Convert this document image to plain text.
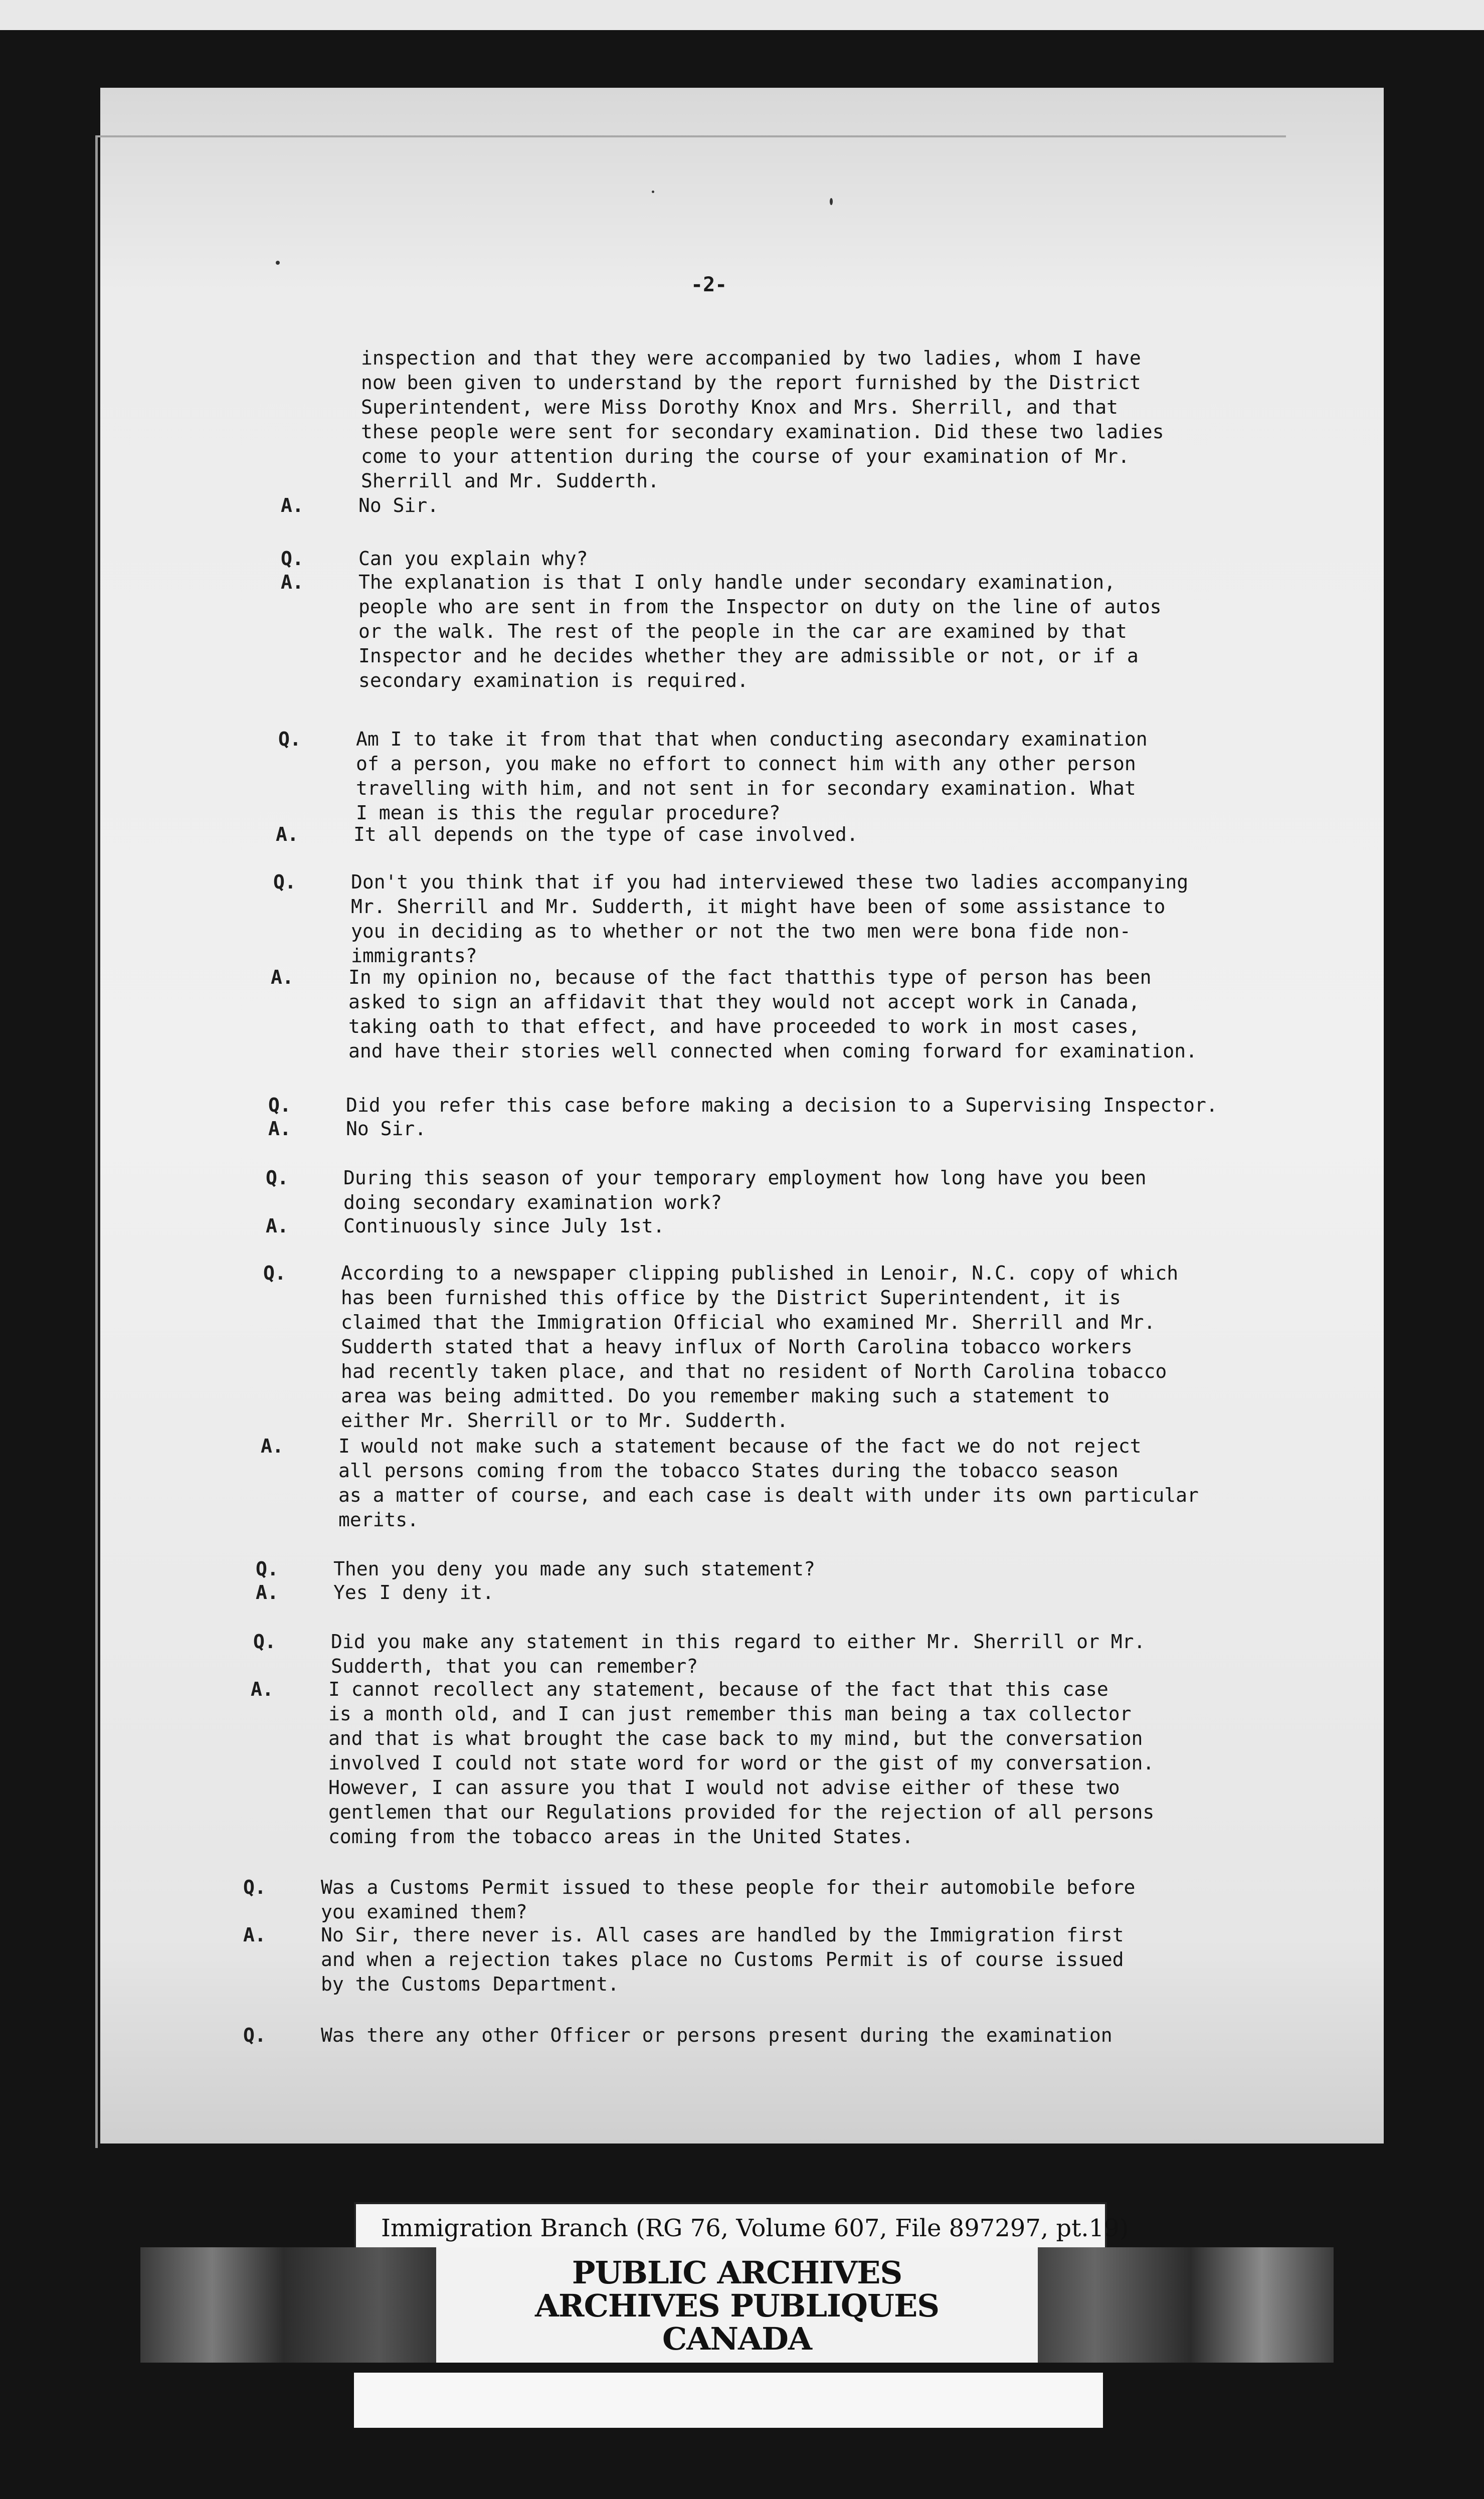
-2-
inspection and that they were accompanied by two ladies, whom I have
now been given to understand by the report furnished by the District
Superintendent, were Miss Dorothy Knox and Mrs. Sherrill, and that
these people were sent for secondary examination. Did these two ladies
come to your attention during the course of your examination of Mr.
Sherrill and Mr. Sudderth.
A.	No Sir.
Q.	Can you explain why?
A.	The explanation is that I only handle under secondary examination,
people who are sent in from the Inspector on duty on the line of autos
or the walk. The rest of the people in the car are examined by that
Inspector and he decides whether they are admissible or not, or if a
secondary examination is required.
Q.	Am I to take it from that that when conducting asecondary examination
of a person, you make no effort to connect him with any other person
travelling with him, and not sent in for secondary examination. What
I mean is this the regular procedure?
A.	It all depends on the type of case involved.
Q.	Don't you think that if you had interviewed these two ladies accompanying
Mr. Sherrill and Mr. Sudderth, it might have been of some assistance to
you in deciding as to whether or not the two men were bona fide non-
immigrants?
A.	In my opinion no, because of the fact thatthis type of person has been
asked to sign an affidavit that they would not accept work in Canada,
taking oath to that effect, and have proceeded to work in most cases,
and have their stories well connected when coming forward for examination.
Q.	Did you refer this case before making a decision to a Supervising Inspector.
A.	No Sir.
Q.	During this season of your temporary employment how long have you been
doing secondary examination work?
A.	Continuously since July 1st.
Q.	According to a newspaper clipping published in Lenoir, N.C. copy of which
has been furnished this office by the District Superintendent, it is
claimed that the Immigration Official who examined Mr. Sherrill and Mr.
Sudderth stated that a heavy influx of North Carolina tobacco workers
had recently taken place, and that no resident of North Carolina tobacco
area was being admitted. Do you remember making such a statement to
either Mr. Sherrill or to Mr. Sudderth.
A.	I would not make such a statement because of the fact we do not reject
all persons coming from the tobacco States during the tobacco season
as a matter of course, and each case is dealt with under its own particular
merits.
Q.	Then you deny you made any such statement?
A.	Yes I deny it.
Q.	Did you make any statement in this regard to either Mr. Sherrill or Mr.
Sudderth, that you can remember?
A.	I cannot recollect any statement, because of the fact that this case
is a month old, and I can just remember this man being a tax collector
and that is what brought the case back to my mind, but the conversation
involved I could not state word for word or the gist of my conversation.
However, I can assure you that I would not advise either of these two
gentlemen that our Regulations provided for the rejection of all persons
coming from the tobacco areas in the United States.
Q.	Was a Customs Permit issued to these people for their automobile before
you examined them?
A.	No Sir, there never is. All cases are handled by the Immigration first
and when a rejection takes place no Customs Permit is of course issued
by the Customs Department.
Q.	Was there any other Officer or persons present during the examination
Immigration Branch (RG 76, Volume 607, File 897297, pt.19)
PUBLIC ARCHIVES
ARCHIVES PUBLIQUES
CANADA
